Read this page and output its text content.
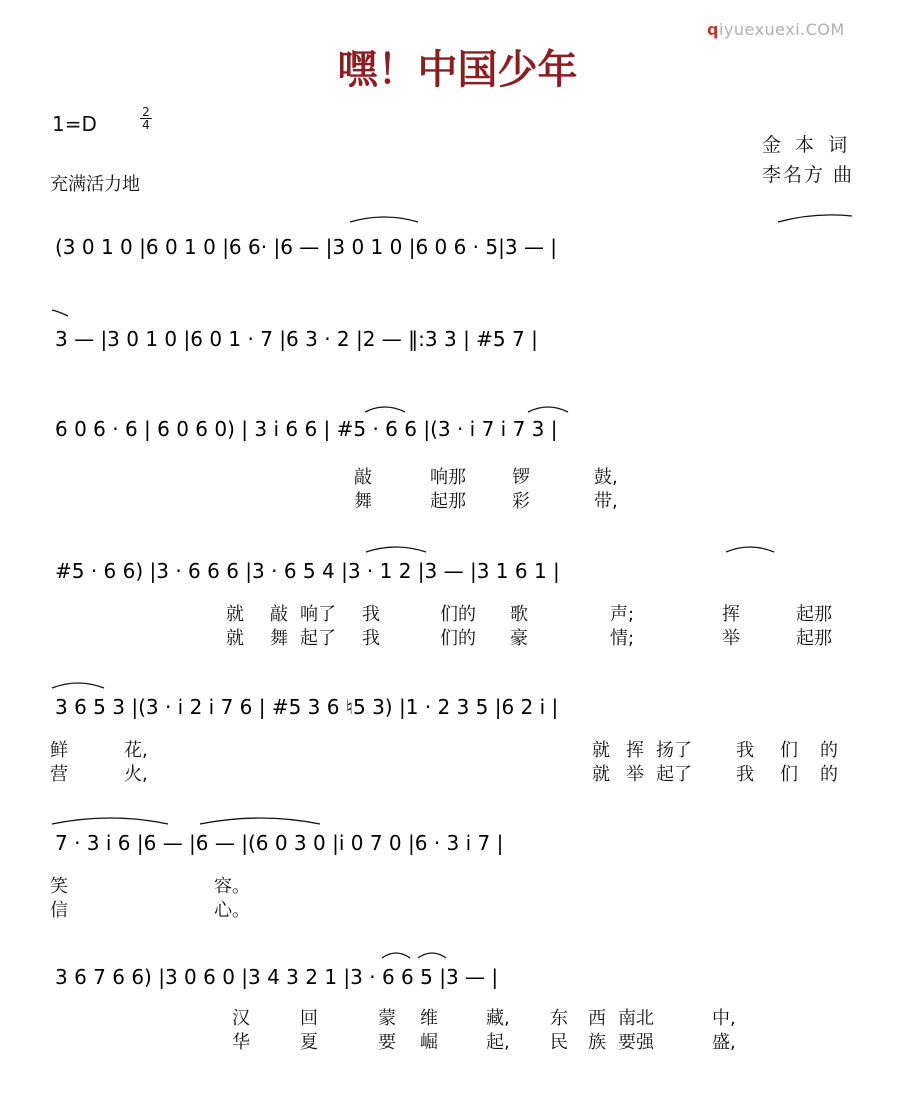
qiyuexuexi.COM
嘿！中国少年
1=D	2
4
金 本 词
李名方 曲
充满活力地
(3 0 1 0 |6 0 1 0 |6 6· |6 — |3 0 1 0 |6 0 6 · 5|3 — |
3 — |3 0 1 0 |6 0 1 · 7 |6 3 · 2 |2 — ‖:3 3 | #5 7 |
6 0 6 · 6 | 6 0 6 0) | 3 i 6 6 | #5 · 6 6 |(3 · i 7 i 7 3 |
敲	响那	锣	鼓,
舞	起那	彩	带,
#5 · 6 6) |3 · 6 6 6 |3 · 6 5 4 |3 · 1 2 |3 — |3 1 6 1 |
就 敲 响了 我	们的 歌	声;	挥	起那
就 舞 起了 我	们的 豪	情;	举	起那
3 6 5 3 |(3 · i 2 i 7 6 | #5 3 6 ♮5 3) |1 · 2 3 5 |6 2 i |
鲜	花,	就 挥 扬了 我 们 的
营	火,	就 举 起了 我 们 的
7 · 3 i 6 |6 — |6 — |(6 0 3 0 |i 0 7 0 |6 · 3 i 7 |
笑	容。
信	心。
3 6 7 6 6) |3 0 6 0 |3 4 3 2 1 |3 · 6 6 5 |3 — |
汉	回	蒙 维	藏, 东 西 南北	中,
华	夏	要 崛	起, 民 族 要强	盛,
